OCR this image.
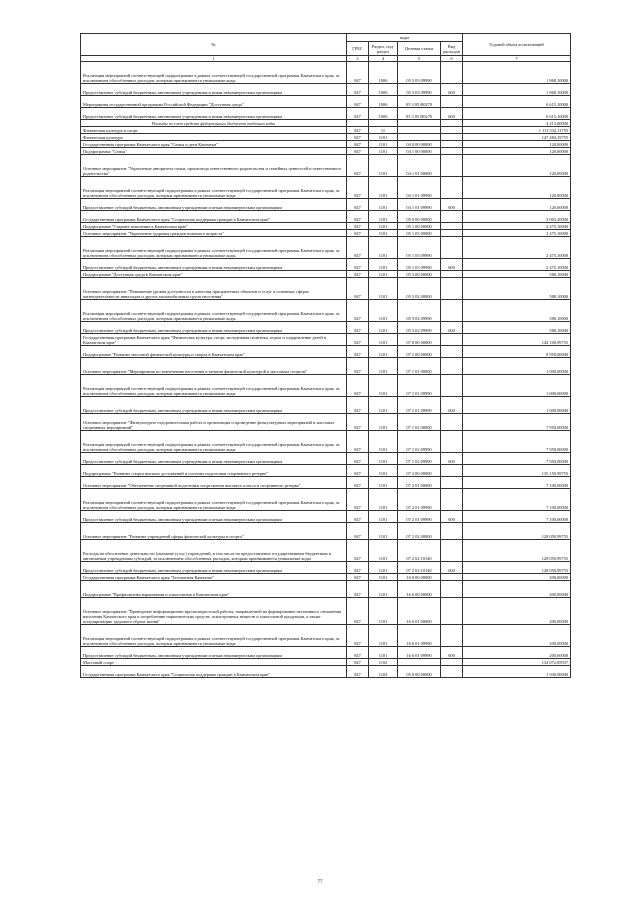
№	коды				Годовой объем ассигнований
	ГРБС	Раздел, под-раздел	Целевая статья	Вид расходов	
1	3	4	5	6	7
Реализация мероприятий соответствующей подпрограммы в рамках соответствующей государственной программы Камчатского края, за исключением обособленных расходов, которым присваиваются уникальные коды	847	1006	05 3 03 09990		1 868,10000
Предоставление субсидий бюджетным, автономным учреждениям и иным некоммерческим организациям	847	1006	05 3 03 09990	600	1 868,10000
Мероприятия государственной программы Российской Федерации "Доступная среда"	847	1006	05 3 05 R0270		6 615,10000
Предоставление субсидий бюджетным, автономным учреждениям и иным некоммерческим организациям	847	1006	05 3 05 R0270	600	6 615,10000
Расходы за счет средств федерального бюджета отдельно коды					4 213,00000
Физическая культура и спорт	847	11			1 113 532,11755
Физическая культура	847	1101			147 484,19755
Государственная программа Камчатского края "Семья и дети Камчатки"	847	1101	04 0 00 00000		120,00000
Подпрограмма "Семья"	847	1101	04 1 00 00000		120,00000
Основное мероприятие "Укрепление авторитета семьи, пропаганда ответственного родительства и семейных ценностей и ответственного родительства"	847	1101	04 1 01 00000		120,00000
Реализация мероприятий соответствующей подпрограммы в рамках соответствующей государственной программы Камчатского края, за исключением обособленных расходов, которым присваиваются уникальные коды	847	1101	04 1 01 09990		120,00000
Предоставление субсидий бюджетным, автономным учреждениям и иным некоммерческим организациям	847	1101	04 1 01 09990	600	120,00000
Государственная программа Камчатского края "Социальная поддержка граждан в Камчатском крае"	847	1101	05 0 00 00000		3 063,20000
Подпрограмма "Старшее поколение в Камчатском крае"	847	1101	05 1 00 00000		2 475,10000
Основное мероприятие "Укрепление здоровья граждан пожилого возраста"	847	1101	05 1 03 00000		2 475,10000
Реализация мероприятий соответствующей подпрограммы в рамках соответствующей государственной программы Камчатского края, за исключением обособленных расходов, которым присваиваются уникальные коды	847	1101	05 1 03 09990		2 475,10000
Предоставление субсидий бюджетным, автономным учреждениям и иным некоммерческим организациям	847	1101	05 1 03 09990	600	2 475,10000
Подпрограмма "Доступная среда в Камчатском крае"	847	1101	05 3 00 00000		588,10000
Основное мероприятие "Повышение уровня доступности и качества приоритетных объектов и услуг в основных сферах жизнедеятельности инвалидов и других маломобильных групп населения"	847	1101	05 3 02 00000		588,10000
Реализация мероприятий соответствующей подпрограммы в рамках соответствующей государственной программы Камчатского края, за исключением обособленных расходов, которым присваиваются уникальные коды	847	1101	05 3 02 09990		588,10000
Предоставление субсидий бюджетным, автономным учреждениям и иным некоммерческим организациям	847	1101	05 3 02 09990	600	588,10000
Государственная программа Камчатского края "Физическая культура, спорт, молодежная политика, отдых и оздоровление детей в Камчатском крае"	847	1101	07 0 00 00000		144 100,99755
Подпрограмма "Развитие массовой физической культуры и спорта в Камчатском крае"	847	1101	07 1 00 00000		8 950,00000
Основное мероприятие "Мероприятия по вовлечению населения в занятия физической культурой и массовым спортом"	847	1101	07 1 01 00000		1 000,00000
Реализация мероприятий соответствующей подпрограммы в рамках соответствующей государственной программы Камчатского края, за исключением обособленных расходов, которым присваиваются уникальные коды	847	1101	07 1 01 09990		1 000,00000
Предоставление субсидий бюджетным, автономным учреждениям и иным некоммерческим организациям	847	1101	07 1 01 09990	600	1 000,00000
Основное мероприятие "Физкультурно-оздоровительная работа и организация и проведение физкультурных мероприятий и массовых спортивных мероприятий"	847	1101	07 1 02 00000		7 950,00000
Реализация мероприятий соответствующей подпрограммы в рамках соответствующей государственной программы Камчатского края, за исключением обособленных расходов, которым присваиваются уникальные коды	847	1101	07 1 02 09990		7 950,00000
Предоставление субсидий бюджетным, автономным учреждениям и иным некоммерческим организациям	847	1101	07 1 02 09990	600	7 950,00000
Подпрограмма "Развитие спорта высших достижений и системы подготовки спортивного резерва"	847	1101	07 2 00 00000		135 150,99755
Основное мероприятие "Обеспечение спортивной подготовки спортсменов высокого класса и спортивного резерва"	847	1101	07 2 01 00000		7 100,00000
Реализация мероприятий соответствующей подпрограммы в рамках соответствующей государственной программы Камчатского края, за исключением обособленных расходов, которым присваиваются уникальные коды	847	1101	07 2 01 09990		7 100,00000
Предоставление субсидий бюджетным, автономным учреждениям и иным некоммерческим организациям	847	1101	07 2 01 09990	600	7 100,00000
Основное мероприятие "Развитие учреждений сферы физической культуры и спорта"	847	1101	07 2 02 00000		128 050,99755
Расходы на обеспечение деятельности (оказание услуг) учреждений, в том числе на предоставление государственным бюджетным и автономным учреждениям субсидий, за исключением обособленных расходов, которым присваиваются уникальные коды	847	1101	07 2 02 10140		128 050,99755
Предоставление субсидий бюджетным, автономным учреждениям и иным некоммерческим организациям	847	1101	07 2 02 10140	600	128 050,99755
Государственная программа Камчатского края "Безопасная Камчатка"	847	1101	16 0 00 00000		200,00000
Подпрограмма "Профилактика наркомании и алкоголизма в Камчатском крае"	847	1101	16 6 00 00000		200,00000
Основное мероприятие "Проведение информационно-пропагандистской работы, направленной на формирование негативного отношения населения Камчатского края к потреблению наркотических средств, психотропных веществ и алкогольной продукции, а также популяризацию здорового образа жизни"	847	1101	16 6 01 00000		200,00000
Реализация мероприятий соответствующей подпрограммы в рамках соответствующей государственной программы Камчатского края, за исключением обособленных расходов, которым присваиваются уникальные коды	847	1101	16 6 01 09990		200,00000
Предоставление субсидий бюджетным, автономным учреждениям и иным некоммерческим организациям	847	1101	16 6 01 09990	600	200,00000
Массовый спорт	847	1102			134 072,85937
Государственная программа Камчатского края "Социальная поддержка граждан в Камчатском крае"	847	1102	05 0 00 00000		1 930,00000
77
